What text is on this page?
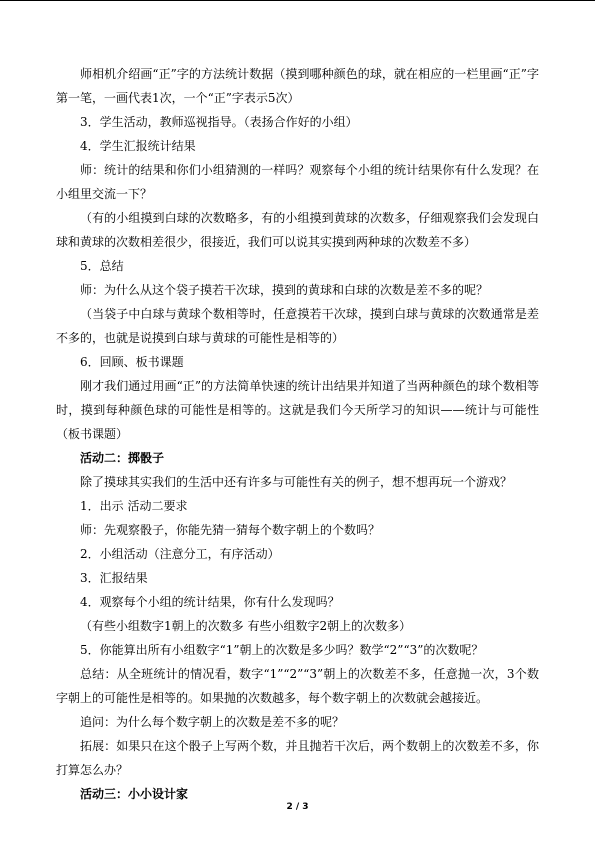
师相机介绍画“正”字的方法统计数据（摸到哪种颜色的球，就在相应的一栏里画“正”字第一笔，一画代表1次，一个“正”字表示5次）

3．学生活动，教师巡视指导。（表扬合作好的小组）

4．学生汇报统计结果

师：统计的结果和你们小组猜测的一样吗？观察每个小组的统计结果你有什么发现？在小组里交流一下？

（有的小组摸到白球的次数略多，有的小组摸到黄球的次数多，仔细观察我们会发现白球和黄球的次数相差很少，很接近，我们可以说其实摸到两种球的次数差不多）

5．总结

师：为什么从这个袋子摸若干次球，摸到的黄球和白球的次数是差不多的呢？

（当袋子中白球与黄球个数相等时，任意摸若干次球，摸到白球与黄球的次数通常是差不多的，也就是说摸到白球与黄球的可能性是相等的）

6．回顾、板书课题

刚才我们通过用画“正”的方法简单快速的统计出结果并知道了当两种颜色的球个数相等时，摸到每种颜色球的可能性是相等的。这就是我们今天所学习的知识——统计与可能性（板书课题）

活动二：掷骰子

除了摸球其实我们的生活中还有许多与可能性有关的例子，想不想再玩一个游戏？

1．出示 活动二要求

师：先观察骰子，你能先猜一猜每个数字朝上的个数吗？

2．小组活动（注意分工，有序活动）

3．汇报结果

4．观察每个小组的统计结果，你有什么发现吗？

（有些小组数字1朝上的次数多 有些小组数字2朝上的次数多）

5．你能算出所有小组数字“1”朝上的次数是多少吗？数学“2”“3”的次数呢？

总结：从全班统计的情况看，数字“1”“2”“3”朝上的次数差不多，任意抛一次，3个数字朝上的可能性是相等的。如果抛的次数越多，每个数字朝上的次数就会越接近。

追问：为什么每个数字朝上的次数是差不多的呢？

拓展：如果只在这个骰子上写两个数，并且抛若干次后，两个数朝上的次数差不多，你打算怎么办？

活动三：小小设计家

2 / 3
